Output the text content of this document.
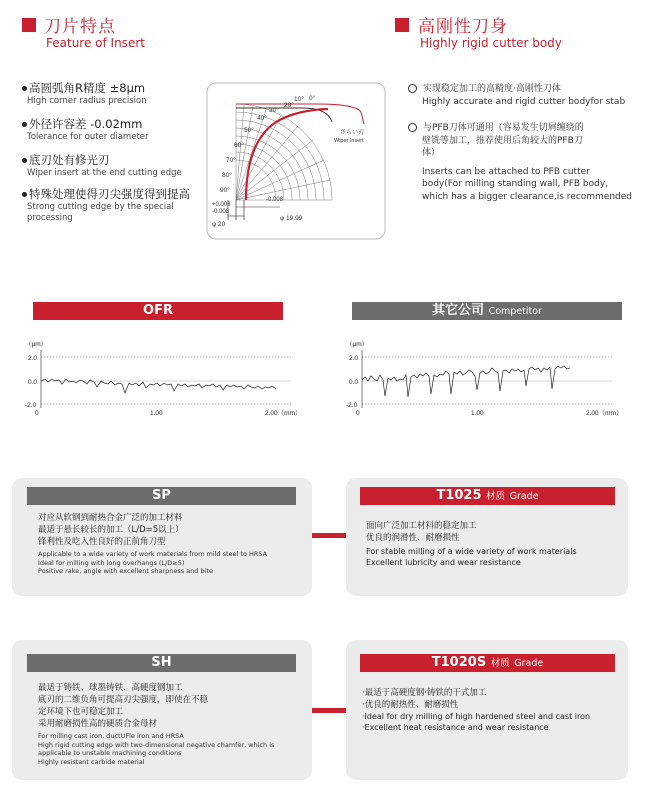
刀片特点
Feature of Insert
高刚性刀身
Highly rigid cutter body
高圆弧角R精度 ±8μm
High corner radius precision
外径许容差 -0.02mm
Tolerance for outer diameter
底刃处有修光刃
Wiper insert at the end cutting edge
特殊处理使得刃尖强度得到提高
Strong cutting edge by the special processing
0°
10°
20°
30°
40°
50°
60°
70°
80°
90°
さらい刃
Wiper Insert
+0.008
-0.008
-0.008
φ 20
φ 19.99
实现稳定加工的高精度·高刚性刀体
Highly accurate and rigid cutter bodyfor stab
与PFB刀体可通用（容易发生切屑缠绕的
壁铣等加工，推荐使用后角较大的PFB刀
体）
Inserts can be attached to PFB cutter
body(For milling standing wall, PFB body,
which has a bigger clearance,is recommended
OFR	其它公司 Competitor
（μm）
2.0
0.0
-2.0
0	1.00	2.00（mm）
（μm）
2.0
0.0
-2.0
0	1.00	2.00（mm）
SP
对应从软钢到耐热合金广泛的加工材料
最适于悬长较长的加工（L/D=5以上）
锋利性及吃入性良好的正前角刀型
Applicable to a wide variety of work materials from mild steel to HRSA
Ideal for milling with long overhangs (L/D≥5)
Positive rake, angle with excellent sharpness and bite
T1025 材质 Grade
面向广泛加工材料的稳定加工
优良的润滑性、耐磨损性
For stable milling of a wide variety of work materials
Excellent lubricity and wear resistance
SH
最适于铸铁、球墨铸铁、高硬度钢加工
底刃的二维负角可提高刃尖强度，即使在不稳
定环境下也可稳定加工
采用耐磨损性高的硬质合金母材
For milling cast iron, ductUFle iron and HRSA
High rigid cutting edgp with two-dimensional negative chamfer, which is
applicable to unstable machining conditions
Highly resistant carbide material
T1020S 材质 Grade
·最适于高硬度钢·铸铁的干式加工
·优良的耐热性、耐磨损性
·Ideal for dry milling of high hardened steel and cast iron
·Excellent heat resistance and wear resistance
